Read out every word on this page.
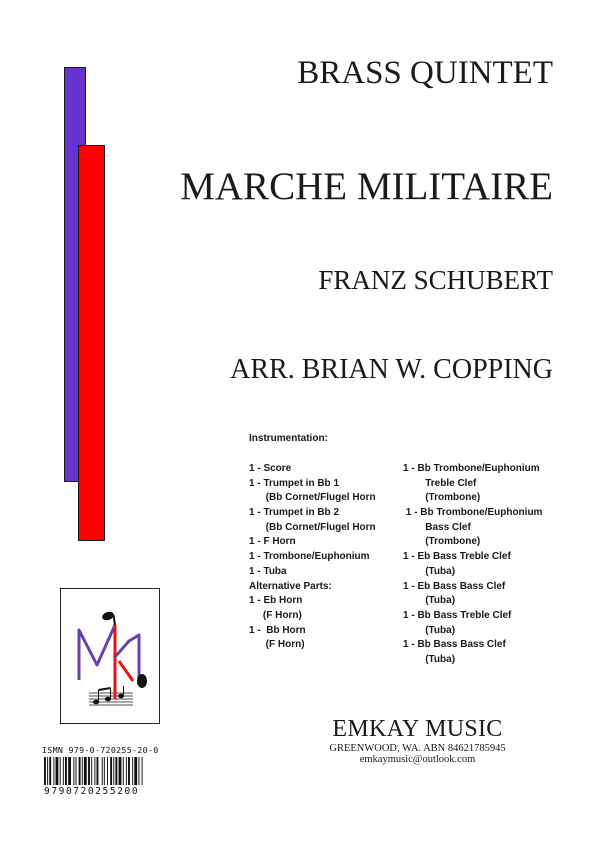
BRASS QUINTET
MARCHE MILITAIRE
FRANZ SCHUBERT
ARR. BRIAN W. COPPING
Instrumentation:
1 - Score
1 - Trumpet in Bb 1
(Bb Cornet/Flugel Horn
1 - Trumpet in Bb 2
(Bb Cornet/Flugel Horn
1 - F Horn
1 - Trombone/Euphonium
1 - Tuba
Alternative Parts:
1 - Eb Horn
(F Horn)
1 -  Bb Horn
(F Horn)
1 - Bb Trombone/Euphonium
Treble Clef
(Trombone)
1 - Bb Trombone/Euphonium
Bass Clef
(Trombone)
1 - Eb Bass Treble Clef
(Tuba)
1 - Eb Bass Bass Clef
(Tuba)
1 - Bb Bass Treble Clef
(Tuba)
1 - Bb Bass Bass Clef
(Tuba)
ISMN 979-0-720255-20-0
9790720255200
EMKAY MUSIC
GREENWOOD, WA. ABN 84621785945
emkaymusic@outlook.com
